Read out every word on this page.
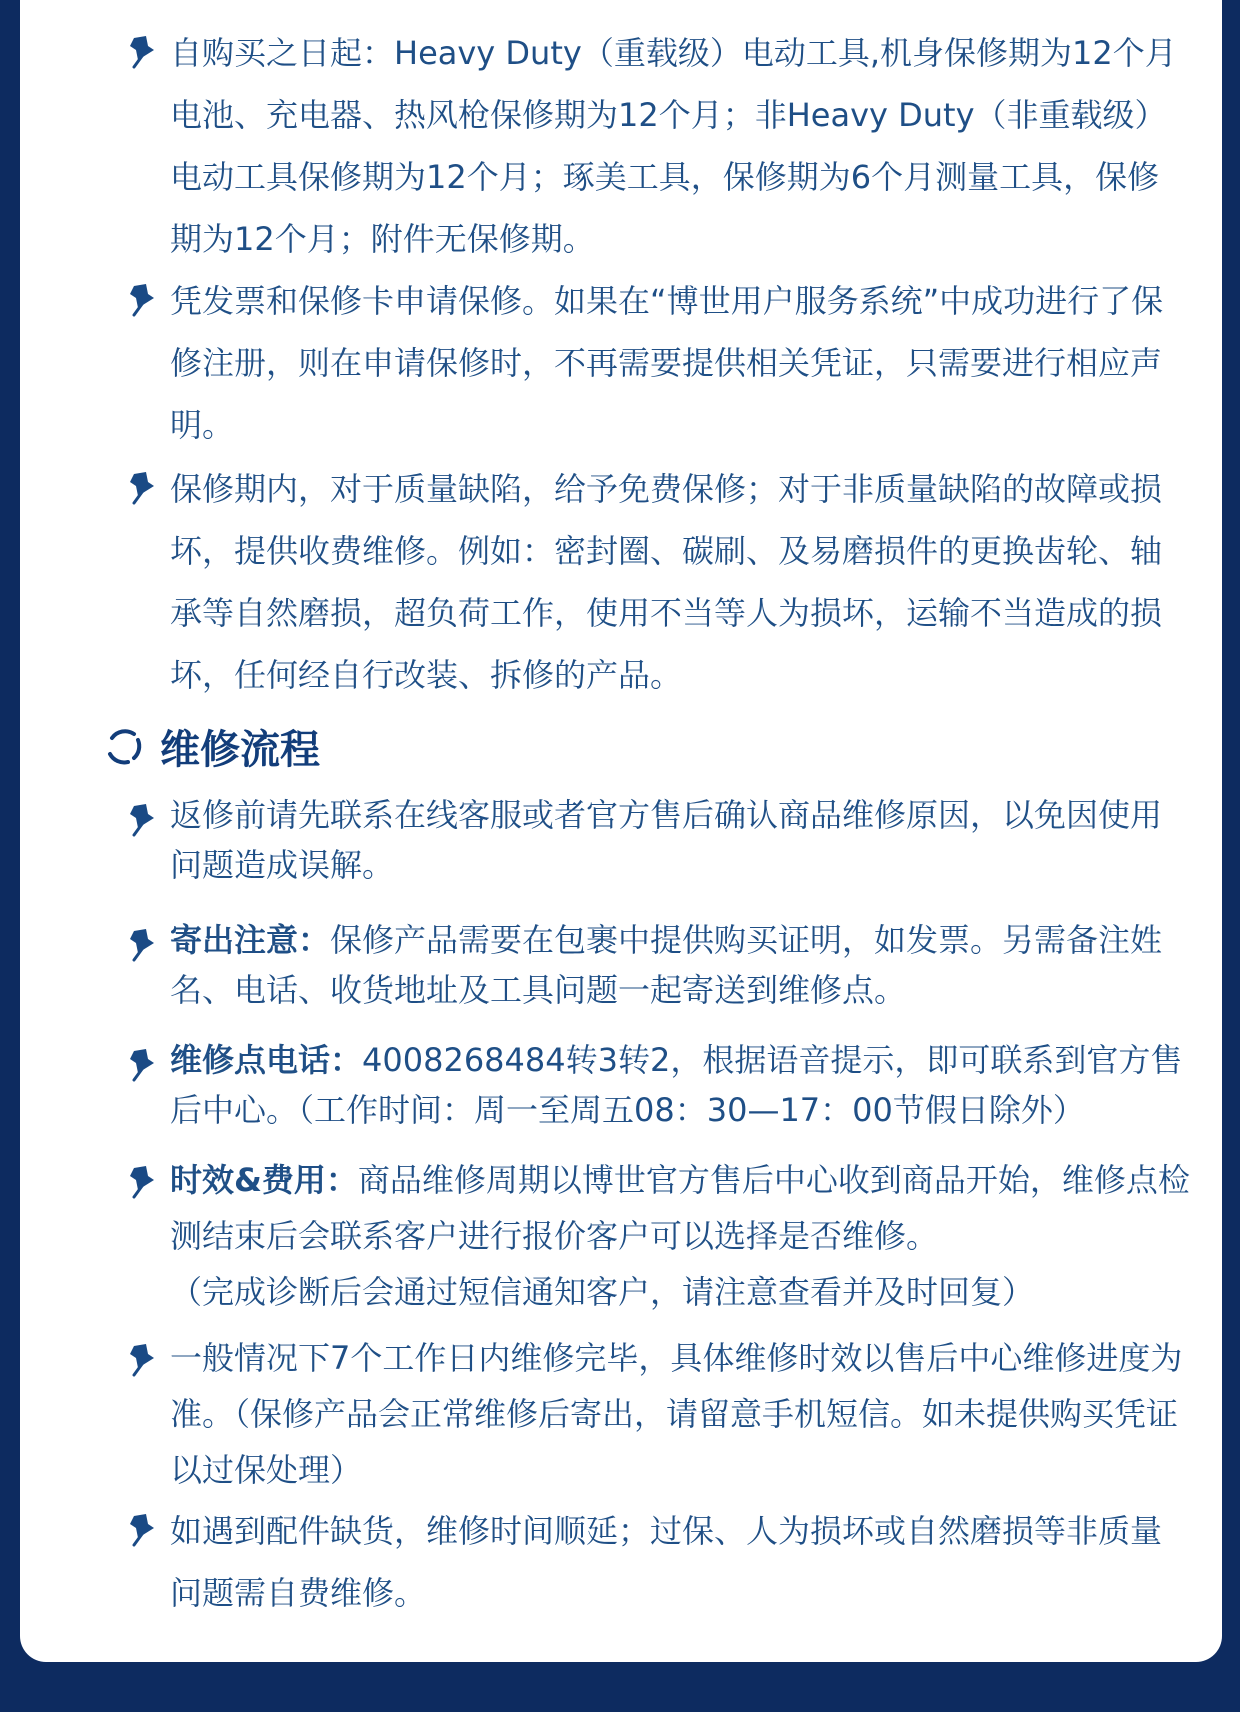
自购买之日起：Heavy Duty（重载级）电动工具,机身保修期为12个月电池、充电器、热风枪保修期为12个月；非Heavy Duty（非重载级）电动工具保修期为12个月；琢美工具，保修期为6个月测量工具，保修期为12个月；附件无保修期。

凭发票和保修卡申请保修。如果在“博世用户服务系统”中成功进行了保修注册，则在申请保修时，不再需要提供相关凭证，只需要进行相应声明。

保修期内，对于质量缺陷，给予免费保修；对于非质量缺陷的故障或损坏，提供收费维修。例如：密封圈、碳刷、及易磨损件的更换齿轮、轴承等自然磨损，超负荷工作，使用不当等人为损坏，运输不当造成的损坏，任何经自行改装、拆修的产品。

维修流程

返修前请先联系在线客服或者官方售后确认商品维修原因，以免因使用问题造成误解。

寄出注意：保修产品需要在包裹中提供购买证明，如发票。另需备注姓名、电话、收货地址及工具问题一起寄送到维修点。

维修点电话：4008268484转3转2，根据语音提示，即可联系到官方售后中心。（工作时间：周一至周五08：30—17：00节假日除外）

时效&费用：商品维修周期以博世官方售后中心收到商品开始，维修点检测结束后会联系客户进行报价客户可以选择是否维修。

（完成诊断后会通过短信通知客户，请注意查看并及时回复）

一般情况下7个工作日内维修完毕，具体维修时效以售后中心维修进度为准。（保修产品会正常维修后寄出，请留意手机短信。如未提供购买凭证以过保处理）

如遇到配件缺货，维修时间顺延；过保、人为损坏或自然磨损等非质量问题需自费维修。
